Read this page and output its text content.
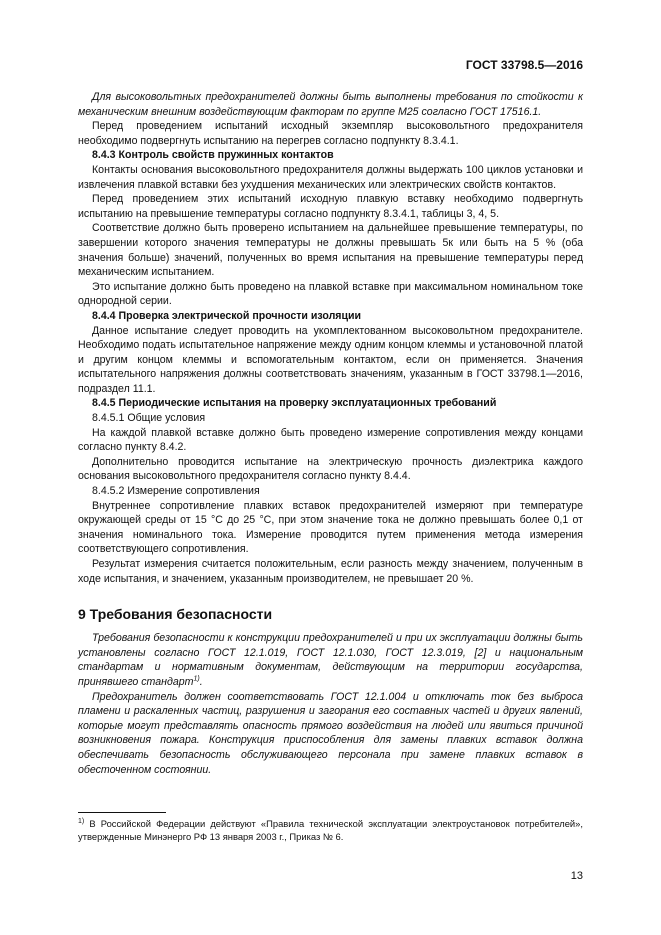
ГОСТ 33798.5—2016

Для высоковольтных предохранителей должны быть выполнены требования по стойкости к механическим внешним воздействующим факторам по группе М25 согласно ГОСТ 17516.1.

Перед проведением испытаний исходный экземпляр высоковольтного предохранителя необходимо подвергнуть испытанию на перегрев согласно подпункту 8.3.4.1.

8.4.3 Контроль свойств пружинных контактов

Контакты основания высоковольтного предохранителя должны выдержать 100 циклов установки и извлечения плавкой вставки без ухудшения механических или электрических свойств контактов.

Перед проведением этих испытаний исходную плавкую вставку необходимо подвергнуть испытанию на превышение температуры согласно подпункту 8.3.4.1, таблицы 3, 4, 5.

Соответствие должно быть проверено испытанием на дальнейшее превышение температуры, по завершении которого значения температуры не должны превышать 5к или быть на 5 % (оба значения больше) значений, полученных во время испытания на превышение температуры перед механическим испытанием.

Это испытание должно быть проведено на плавкой вставке при максимальном номинальном токе однородной серии.

8.4.4 Проверка электрической прочности изоляции

Данное испытание следует проводить на укомплектованном высоковольтном предохранителе. Необходимо подать испытательное напряжение между одним концом клеммы и установочной платой и другим концом клеммы и вспомогательным контактом, если он применяется. Значения испытательного напряжения должны соответствовать значениям, указанным в ГОСТ 33798.1—2016, подраздел 11.1.

8.4.5 Периодические испытания на проверку эксплуатационных требований

8.4.5.1 Общие условия

На каждой плавкой вставке должно быть проведено измерение сопротивления между концами согласно пункту 8.4.2.

Дополнительно проводится испытание на электрическую прочность диэлектрика каждого основания высоковольтного предохранителя согласно пункту 8.4.4.

8.4.5.2 Измерение сопротивления

Внутреннее сопротивление плавких вставок предохранителей измеряют при температуре окружающей среды от 15 °С до 25 °С, при этом значение тока не должно превышать более 0,1 от значения номинального тока. Измерение проводится путем применения метода измерения соответствующего сопротивления.

Результат измерения считается положительным, если разность между значением, полученным в ходе испытания, и значением, указанным производителем, не превышает 20 %.

9 Требования безопасности

Требования безопасности к конструкции предохранителей и при их эксплуатации должны быть установлены согласно ГОСТ 12.1.019, ГОСТ 12.1.030, ГОСТ 12.3.019, [2] и национальным стандартам и нормативным документам, действующим на территории государства, принявшего стандарт$^{1)}$.

Предохранитель должен соответствовать ГОСТ 12.1.004 и отключать ток без выброса пламени и раскаленных частиц, разрушения и загорания его составных частей и других явлений, которые могут представлять опасность прямого воздействия на людей или явиться причиной возникновения пожара. Конструкция приспособления для замены плавких вставок должна обеспечивать безопасность обслуживающего персонала при замене плавких вставок в обесточенном состоянии.

$^{1)}$ В Российской Федерации действуют «Правила технической эксплуатации электроустановок потребителей», утвержденные Минэнерго РФ 13 января 2003 г., Приказ № 6.
13
